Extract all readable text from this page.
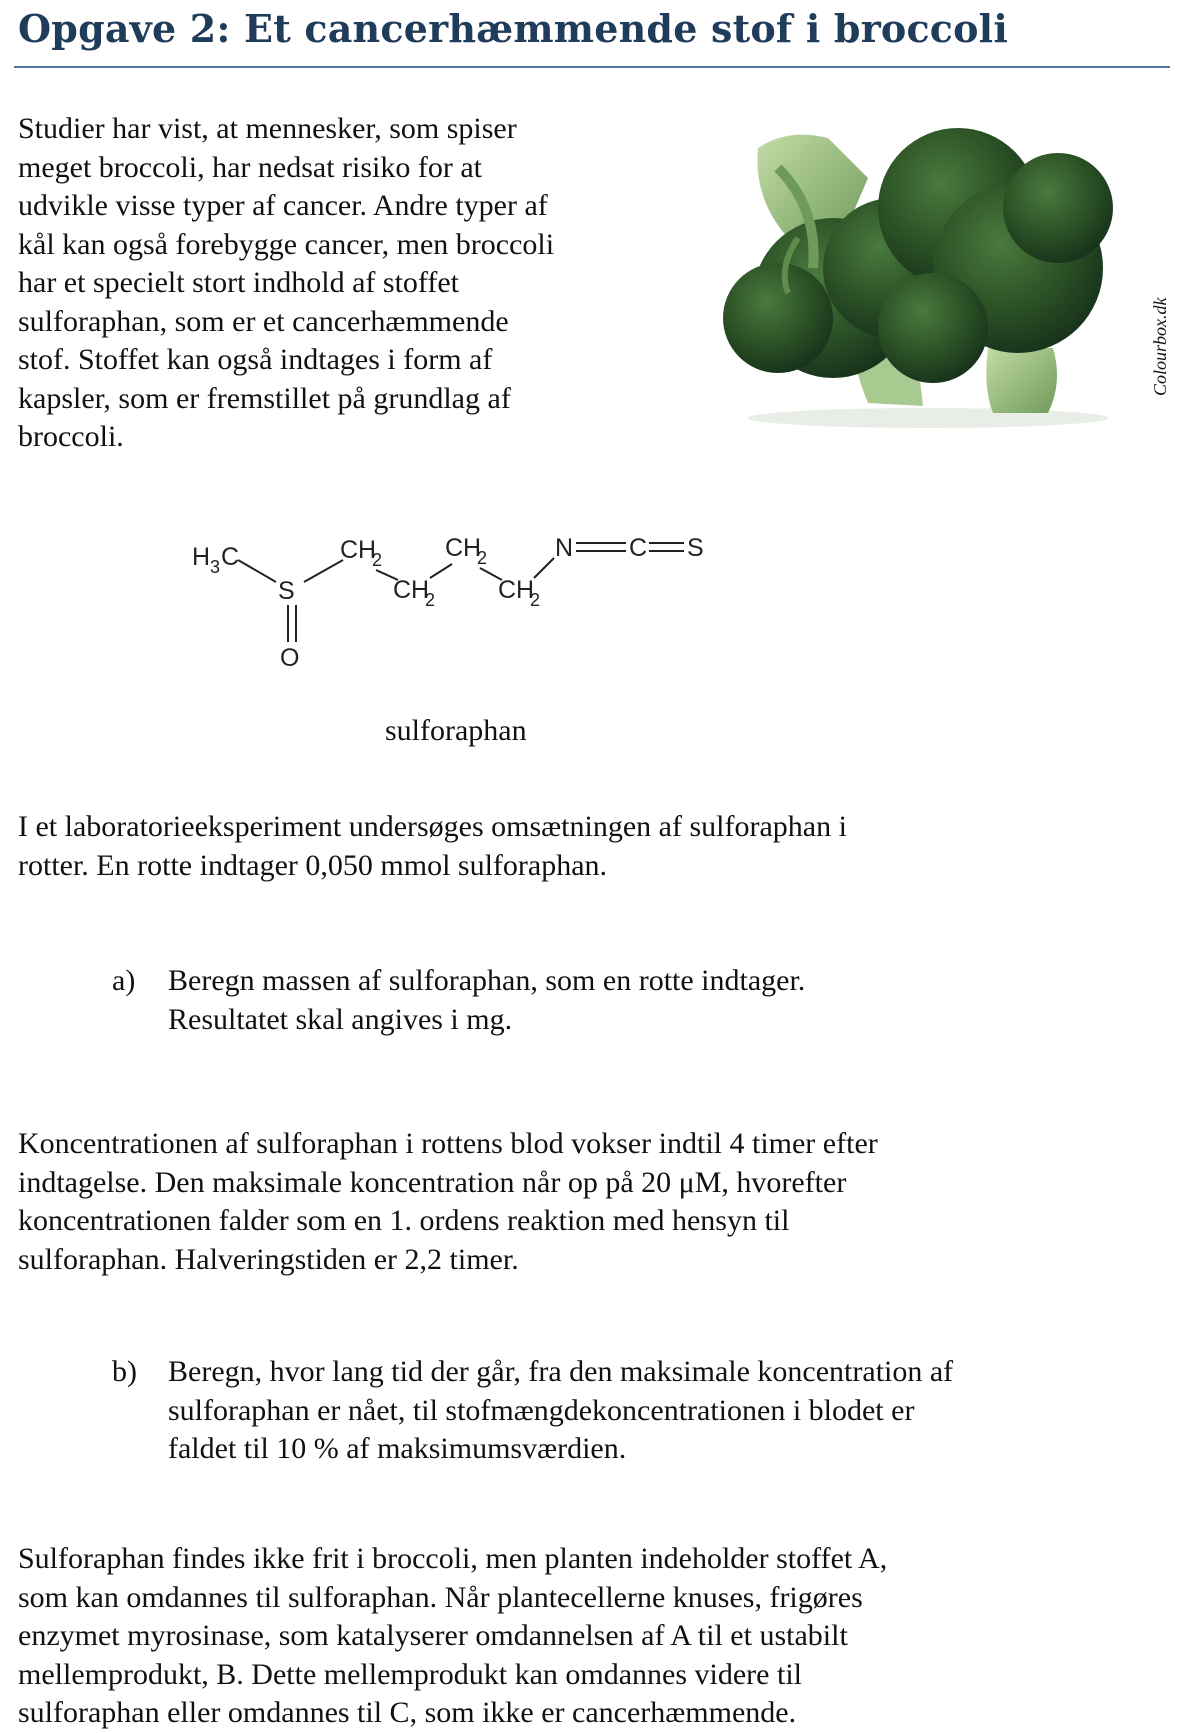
Opgave 2: Et cancerhæmmende stof i broccoli
Studier har vist, at mennesker, som spiser
meget broccoli, har nedsat risiko for at
udvikle visse typer af cancer. Andre typer af
kål kan også forebygge cancer, men broccoli
har et specielt stort indhold af stoffet
sulforaphan, som er et cancerhæmmende
stof. Stoffet kan også indtages i form af
kapsler, som er fremstillet på grundlag af
broccoli.
Colourbox.dk
H 3 C
S
O
CH
2
CH
2
CH
2
CH
2
N C S
sulforaphan
I et laboratorieeksperiment undersøges omsætningen af sulforaphan i
rotter. En rotte indtager 0,050 mmol sulforaphan.
a) Beregn massen af sulforaphan, som en rotte indtager.
Resultatet skal angives i mg.
Koncentrationen af sulforaphan i rottens blod vokser indtil 4 timer efter
indtagelse. Den maksimale koncentration når op på 20 μM, hvorefter
koncentrationen falder som en 1. ordens reaktion med hensyn til
sulforaphan. Halveringstiden er 2,2 timer.
b) Beregn, hvor lang tid der går, fra den maksimale koncentration af
sulforaphan er nået, til stofmængdekoncentrationen i blodet er
faldet til 10 % af maksimumsværdien.
Sulforaphan findes ikke frit i broccoli, men planten indeholder stoffet A,
som kan omdannes til sulforaphan. Når plantecellerne knuses, frigøres
enzymet myrosinase, som katalyserer omdannelsen af A til et ustabilt
mellemprodukt, B. Dette mellemprodukt kan omdannes videre til
sulforaphan eller omdannes til C, som ikke er cancerhæmmende.
